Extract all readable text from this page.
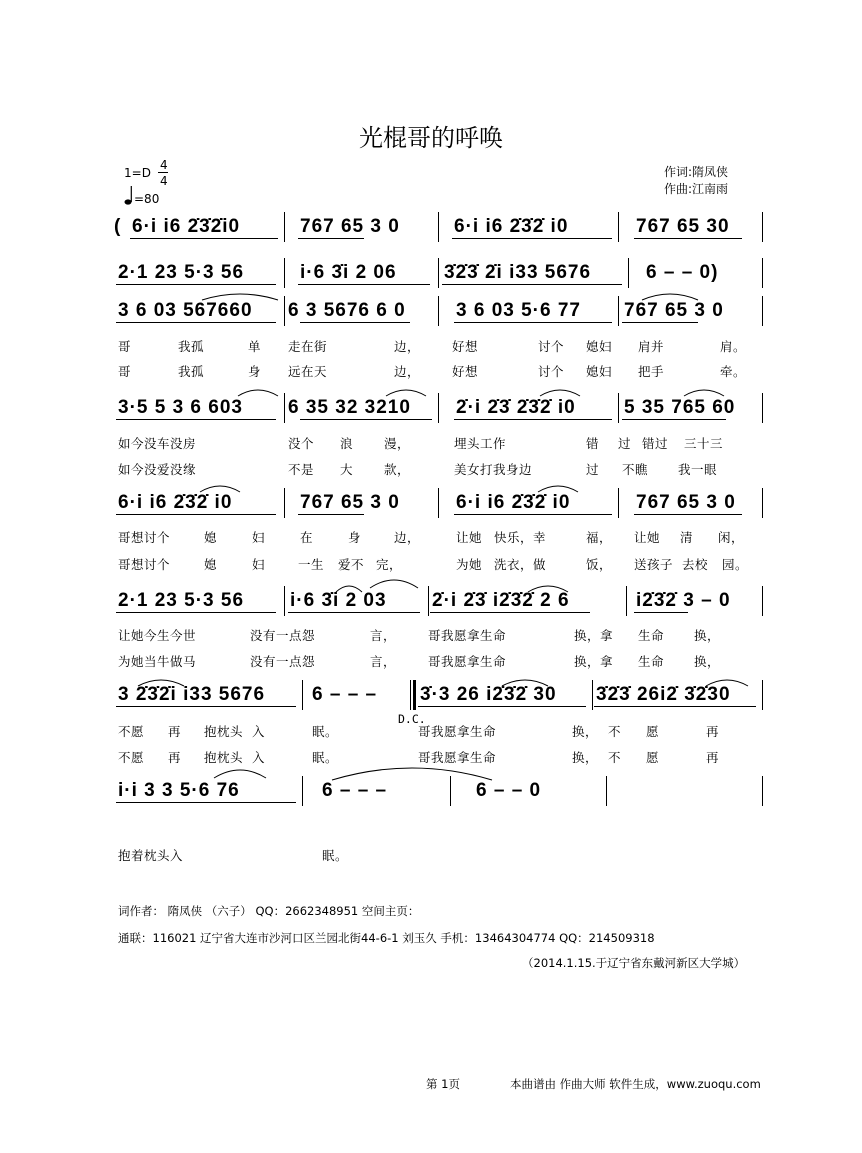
光棍哥的呼唤
1=D
4
4
=80
作词:隋凤侠
作曲:江南雨
( 6·i i6 2̇3̇2̇i0	767 65 3 0	6·i i6 2̇3̇2̇ i0	767 65 30
2·1 23 5·3 56	i·6 3̇i 2 06 3̇2̇3̇ 2̇i i33 5676	6 – – 0)
3 6 03 567660 6 3 5676 6 0	3 6 03 5·6 77 767 65 3 0
哥	我孤	单 走在街	边，	好想	讨个 媳妇 肩并	肩。
哥	我孤	身 远在天	边，	好想	讨个 媳妇 把手	牵。
3·5 5 3 6 603 6 35 32 3210 2̇·i 2̇3̇ 2̇3̇2̇ i0	5 35 765 60
如今没车没房	没个 浪 漫，	埋头工作	错 过 错过 三十三
如今没爱没缘	不是 大 款，	美女打我身边	过 不瞧 我一眼
6·i i6 2̇3̇2̇ i0	767 65 3 0	6·i i6 2̇3̇2̇ i0	767 65 3 0
哥想讨个	媳	妇	在	身	边，	让她 快乐，幸	福， 让她 清 闲，
哥想讨个	媳	妇	一生 爱不 完，	为她 洗衣，做	饭， 送孩子 去校 园。
2·1 23 5·3 56 i·6 3̇i 2 03 2̇·i 2̇3̇ i2̇3̇2̇ 2 6	i2̇3̇2̇ 3 – 0
让她今生今世	没有一点怨	言，	哥我愿拿生命	换，拿 生命 换，
为她当牛做马	没有一点怨	言，	哥我愿拿生命	换，拿 生命 换，
3 2̇3̇2̇i i33 5676 6 – – – 3̇·3 26 i2̇3̇2̇ 30 3̇2̇3̇ 26i2̇ 3̇2̇30
D.C.
不愿 再 抱枕头 入	眠。	哥我愿拿生命	换， 不 愿	再
不愿 再 抱枕头 入	眠。	哥我愿拿生命	换， 不 愿	再
i·i 3 3 5·6 76	6 – – –	6 – – 0
抱着枕头入	眠。
词作者： 隋凤侠 （六子） QQ：2662348951 空间主页：
通联：116021 辽宁省大连市沙河口区兰园北街44-6-1 刘玉久 手机：13464304774 QQ：214509318
（2014.1.15.于辽宁省东戴河新区大学城）
第 1页	本曲谱由 作曲大师 软件生成，www.zuoqu.com
